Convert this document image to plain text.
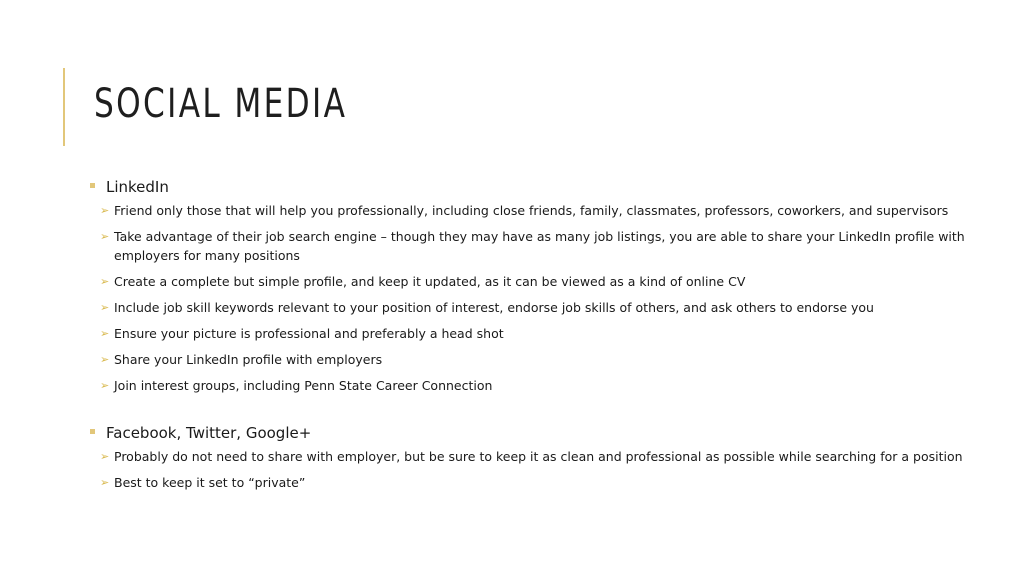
SOCIAL MEDIA
LinkedIn
➢ Friend only those that will help you professionally, including close friends, family, classmates, professors, coworkers, and supervisors
➢ Take advantage of their job search engine – though they may have as many job listings, you are able to share your LinkedIn profile with employers for many positions
➢ Create a complete but simple profile, and keep it updated, as it can be viewed as a kind of online CV
➢ Include job skill keywords relevant to your position of interest, endorse job skills of others, and ask others to endorse you
➢ Ensure your picture is professional and preferably a head shot
➢ Share your LinkedIn profile with employers
➢ Join interest groups, including Penn State Career Connection
Facebook, Twitter, Google+
➢ Probably do not need to share with employer, but be sure to keep it as clean and professional as possible while searching for a position
➢ Best to keep it set to “private”
